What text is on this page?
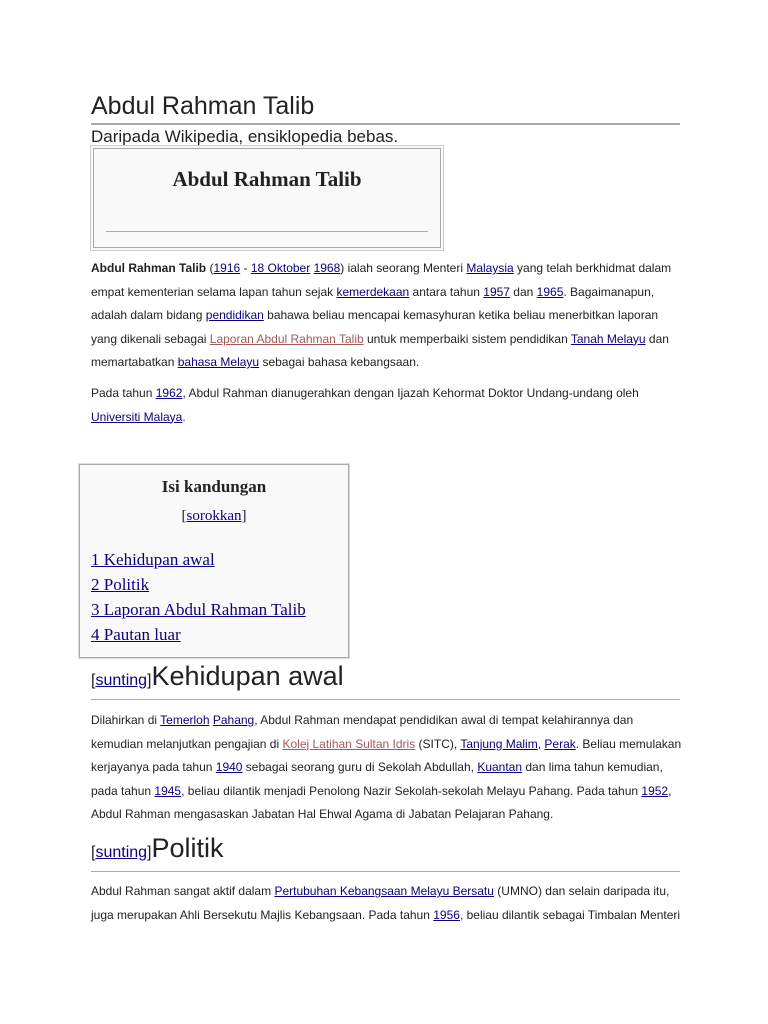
Abdul Rahman Talib
Daripada Wikipedia, ensiklopedia bebas.
Abdul Rahman Talib

Abdul Rahman Talib (1916 - 18 Oktober 1968) ialah seorang Menteri Malaysia yang telah berkhidmat dalam empat kementerian selama lapan tahun sejak kemerdekaan antara tahun 1957 dan 1965. Bagaimanapun, adalah dalam bidang pendidikan bahawa beliau mencapai kemasyhuran ketika beliau menerbitkan laporan yang dikenali sebagai Laporan Abdul Rahman Talib untuk memperbaiki sistem pendidikan Tanah Melayu dan memartabatkan bahasa Melayu sebagai bahasa kebangsaan.

Pada tahun 1962, Abdul Rahman dianugerahkan dengan Ijazah Kehormat Doktor Undang-undang oleh Universiti Malaya.

Isi kandungan
[sorokkan]
1 Kehidupan awal
2 Politik
3 Laporan Abdul Rahman Talib
4 Pautan luar
[sunting]Kehidupan awal

Dilahirkan di Temerloh Pahang, Abdul Rahman mendapat pendidikan awal di tempat kelahirannya dan kemudian melanjutkan pengajian di Kolej Latihan Sultan Idris (SITC), Tanjung Malim, Perak. Beliau memulakan kerjayanya pada tahun 1940 sebagai seorang guru di Sekolah Abdullah, Kuantan dan lima tahun kemudian, pada tahun 1945, beliau dilantik menjadi Penolong Nazir Sekolah-sekolah Melayu Pahang. Pada tahun 1952, Abdul Rahman mengasaskan Jabatan Hal Ehwal Agama di Jabatan Pelajaran Pahang.

[sunting]Politik

Abdul Rahman sangat aktif dalam Pertubuhan Kebangsaan Melayu Bersatu (UMNO) dan selain daripada itu, juga merupakan Ahli Bersekutu Majlis Kebangsaan. Pada tahun 1956, beliau dilantik sebagai Timbalan Menteri
